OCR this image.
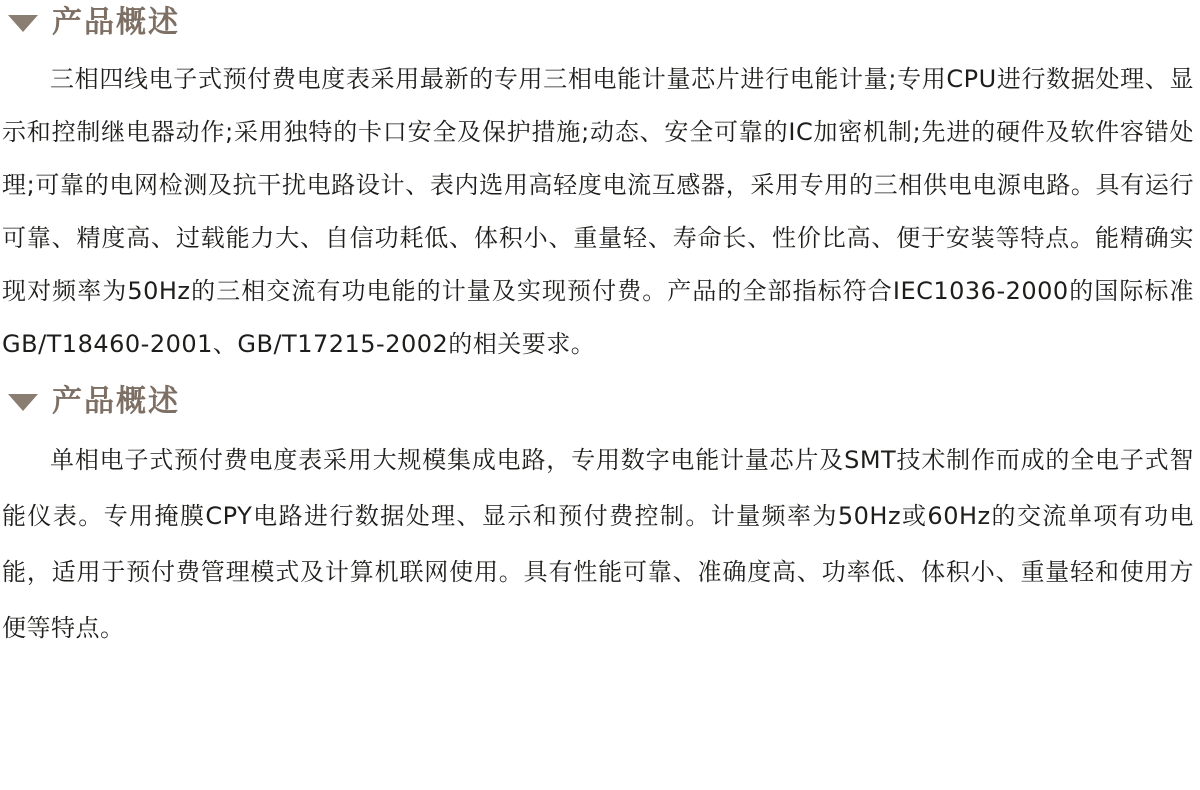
产品概述

三相四线电子式预付费电度表采用最新的专用三相电能计量芯片进行电能计量;专用CPU进行数据处理、显示和控制继电器动作;采用独特的卡口安全及保护措施;动态、安全可靠的IC加密机制;先进的硬件及软件容错处理;可靠的电网检测及抗干扰电路设计、表内选用高轻度电流互感器，采用专用的三相供电电源电路。具有运行可靠、精度高、过载能力大、自信功耗低、体积小、重量轻、寿命长、性价比高、便于安装等特点。能精确实现对频率为50Hz的三相交流有功电能的计量及实现预付费。产品的全部指标符合IEC1036-2000的国际标准GB/T18460-2001、GB/T17215-2002的相关要求。

产品概述

单相电子式预付费电度表采用大规模集成电路，专用数字电能计量芯片及SMT技术制作而成的全电子式智能仪表。专用掩膜CPY电路进行数据处理、显示和预付费控制。计量频率为50Hz或60Hz的交流单项有功电能，适用于预付费管理模式及计算机联网使用。具有性能可靠、准确度高、功率低、体积小、重量轻和使用方便等特点。
